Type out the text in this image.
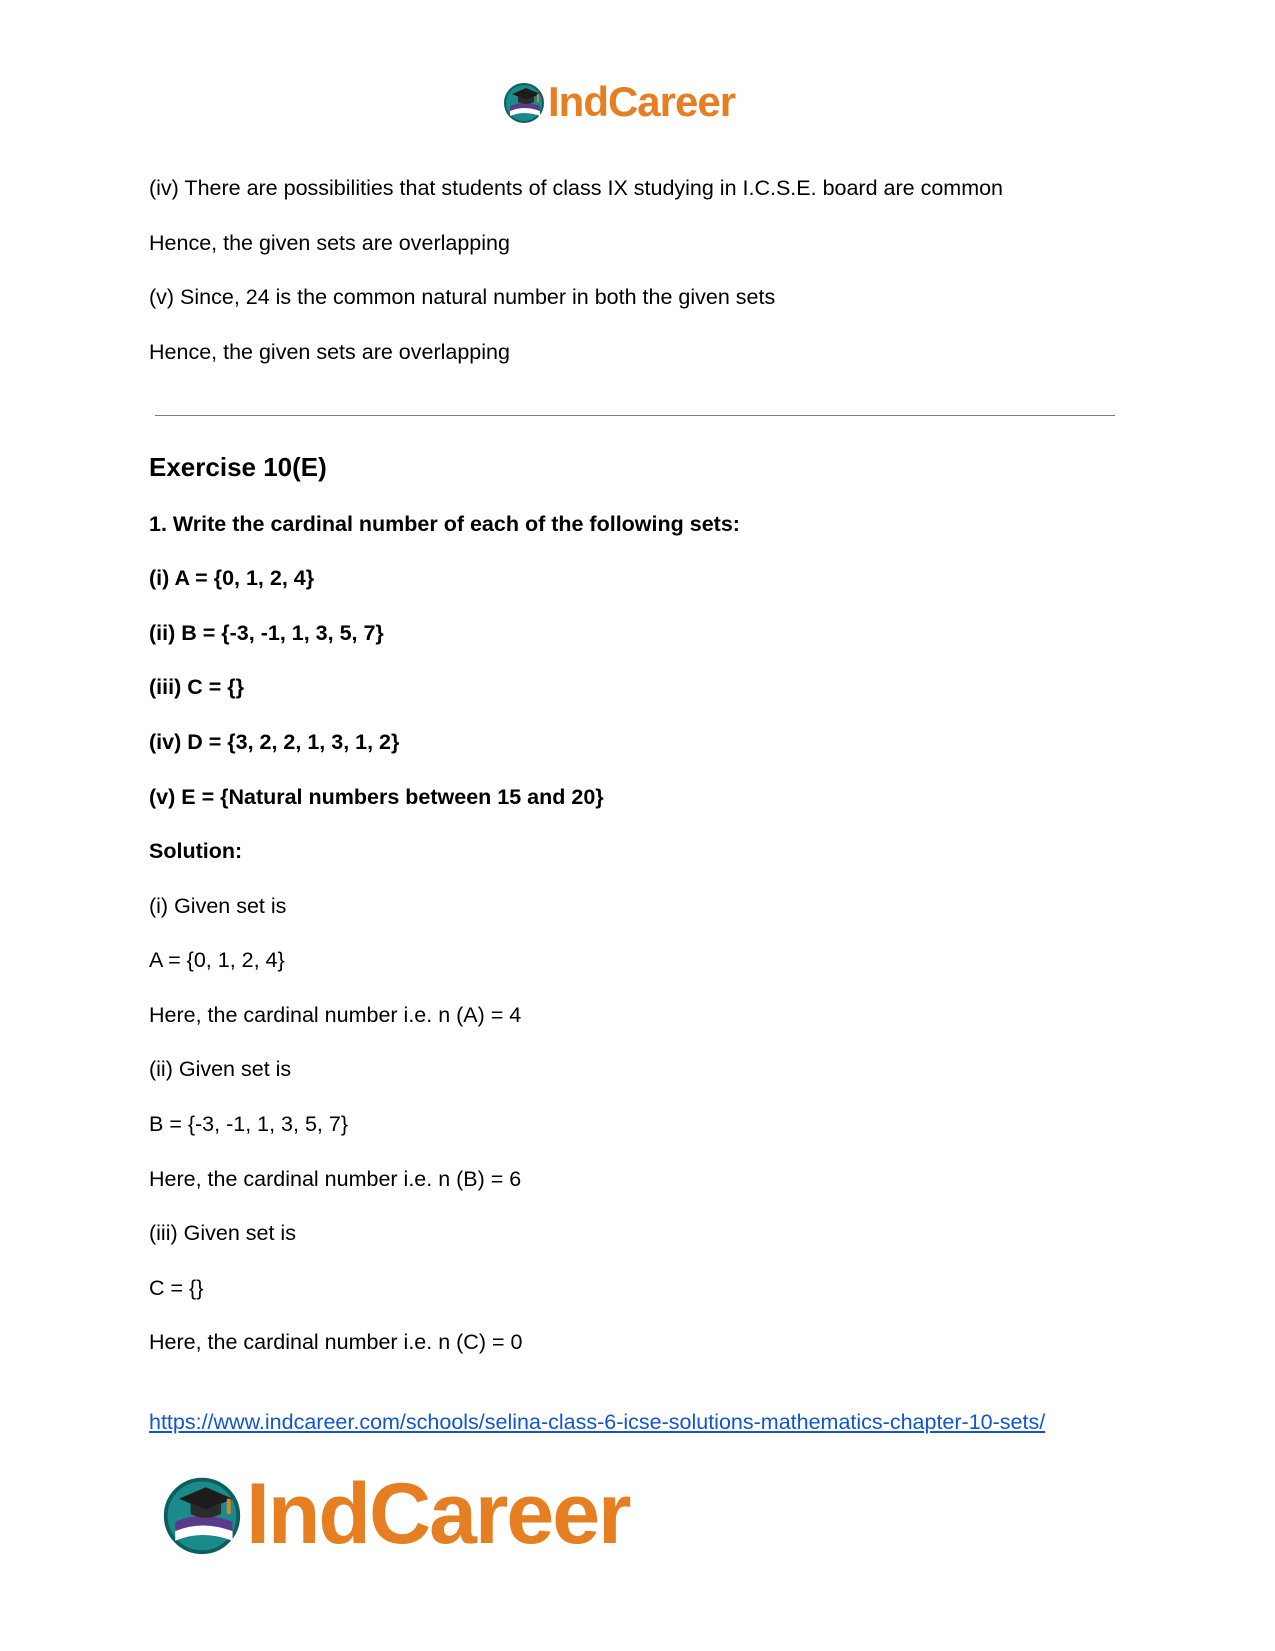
IndCareer
(iv) There are possibilities that students of class IX studying in I.C.S.E. board are common
Hence, the given sets are overlapping
(v) Since, 24 is the common natural number in both the given sets
Hence, the given sets are overlapping
Exercise 10(E)
1. Write the cardinal number of each of the following sets:
(i) A = {0, 1, 2, 4}
(ii) B = {-3, -1, 1, 3, 5, 7}
(iii) C = {}
(iv) D = {3, 2, 2, 1, 3, 1, 2}
(v) E = {Natural numbers between 15 and 20}
Solution:
(i) Given set is
A = {0, 1, 2, 4}
Here, the cardinal number i.e. n (A) = 4
(ii) Given set is
B = {-3, -1, 1, 3, 5, 7}
Here, the cardinal number i.e. n (B) = 6
(iii) Given set is
C = {}
Here, the cardinal number i.e. n (C) = 0
https://www.indcareer.com/schools/selina-class-6-icse-solutions-mathematics-chapter-10-sets/
IndCareer
